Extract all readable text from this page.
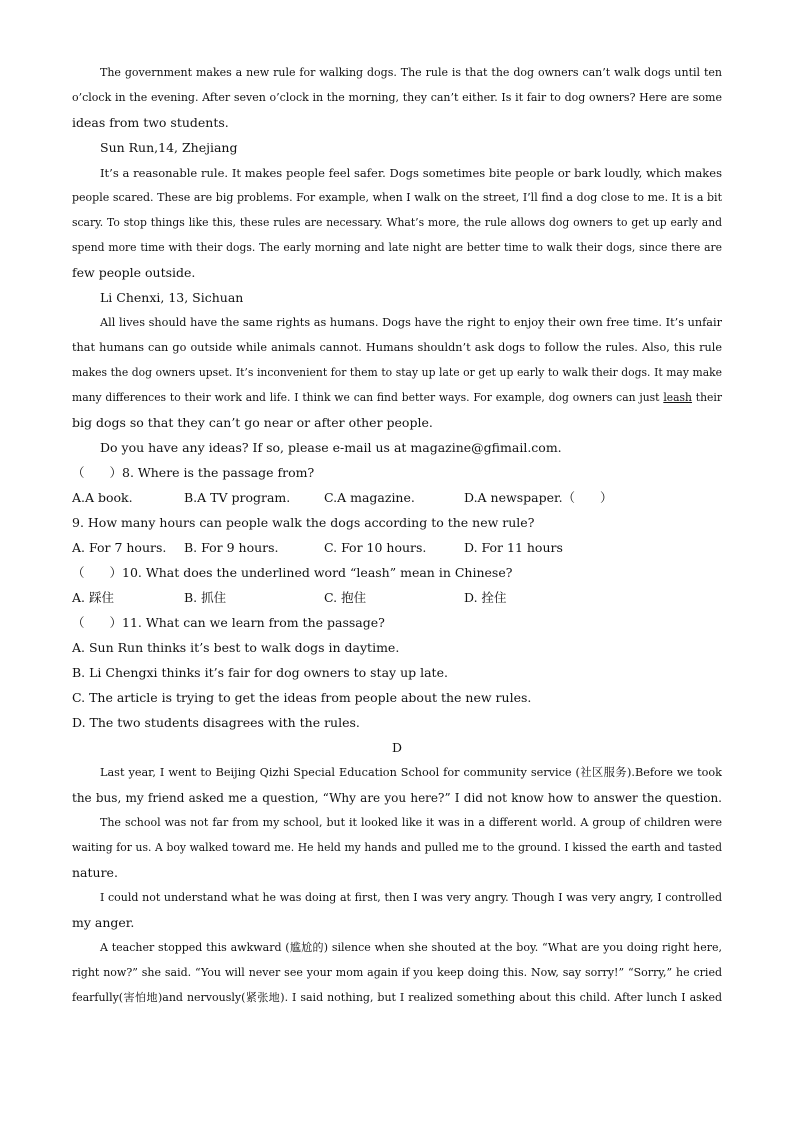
The government makes a new rule for walking dogs. The rule is that the dog owners can’t walk dogs until ten
o’clock in the evening. After seven o’clock in the morning, they can’t either. Is it fair to dog owners? Here are some
ideas from two students.
Sun Run,14, Zhejiang
It’s a reasonable rule. It makes people feel safer. Dogs sometimes bite people or bark loudly, which makes
people scared. These are big problems. For example, when I walk on the street, I’ll find a dog close to me. It is a bit
scary. To stop things like this, these rules are necessary. What’s more, the rule allows dog owners to get up early and
spend more time with their dogs. The early morning and late night are better time to walk their dogs, since there are
few people outside.
Li Chenxi, 13, Sichuan
All lives should have the same rights as humans. Dogs have the right to enjoy their own free time. It’s unfair
that humans can go outside while animals cannot. Humans shouldn’t ask dogs to follow the rules. Also, this rule
makes the dog owners upset. It’s inconvenient for them to stay up late or get up early to walk their dogs. It may make
many differences to their work and life. I think we can find better ways. For example, dog owners can just leash their
big dogs so that they can’t go near or after other people.
Do you have any ideas? If so, please e-mail us at magazine@gfimail.com.
（　　）8. Where is the passage from?
A.A book.	B.A TV program.	C.A magazine.	D.A newspaper.（　　）
9. How many hours can people walk the dogs according to the new rule?
A. For 7 hours. B. For 9 hours.	C. For 10 hours.	D. For 11 hours
（　　）10. What does the underlined word “leash” mean in Chinese?
A. 踩住	B. 抓住	C. 抱住	D. 拴住
（　　）11. What can we learn from the passage?
A. Sun Run thinks it’s best to walk dogs in daytime.
B. Li Chengxi thinks it’s fair for dog owners to stay up late.
C. The article is trying to get the ideas from people about the new rules.
D. The two students disagrees with the rules.
D
Last year, I went to Beijing Qizhi Special Education School for community service (社区服务).Before we took
the bus, my friend asked me a question, “Why are you here?” I did not know how to answer the question.
The school was not far from my school, but it looked like it was in a different world. A group of children were
waiting for us. A boy walked toward me. He held my hands and pulled me to the ground. I kissed the earth and tasted
nature.
I could not understand what he was doing at first, then I was very angry. Though I was very angry, I controlled
my anger.
A teacher stopped this awkward (尴尬的) silence when she shouted at the boy. “What are you doing right here,
right now?” she said. “You will never see your mom again if you keep doing this. Now, say sorry!” “Sorry,” he cried
fearfully(害怕地)and nervously(紧张地). I said nothing, but I realized something about this child. After lunch I asked
